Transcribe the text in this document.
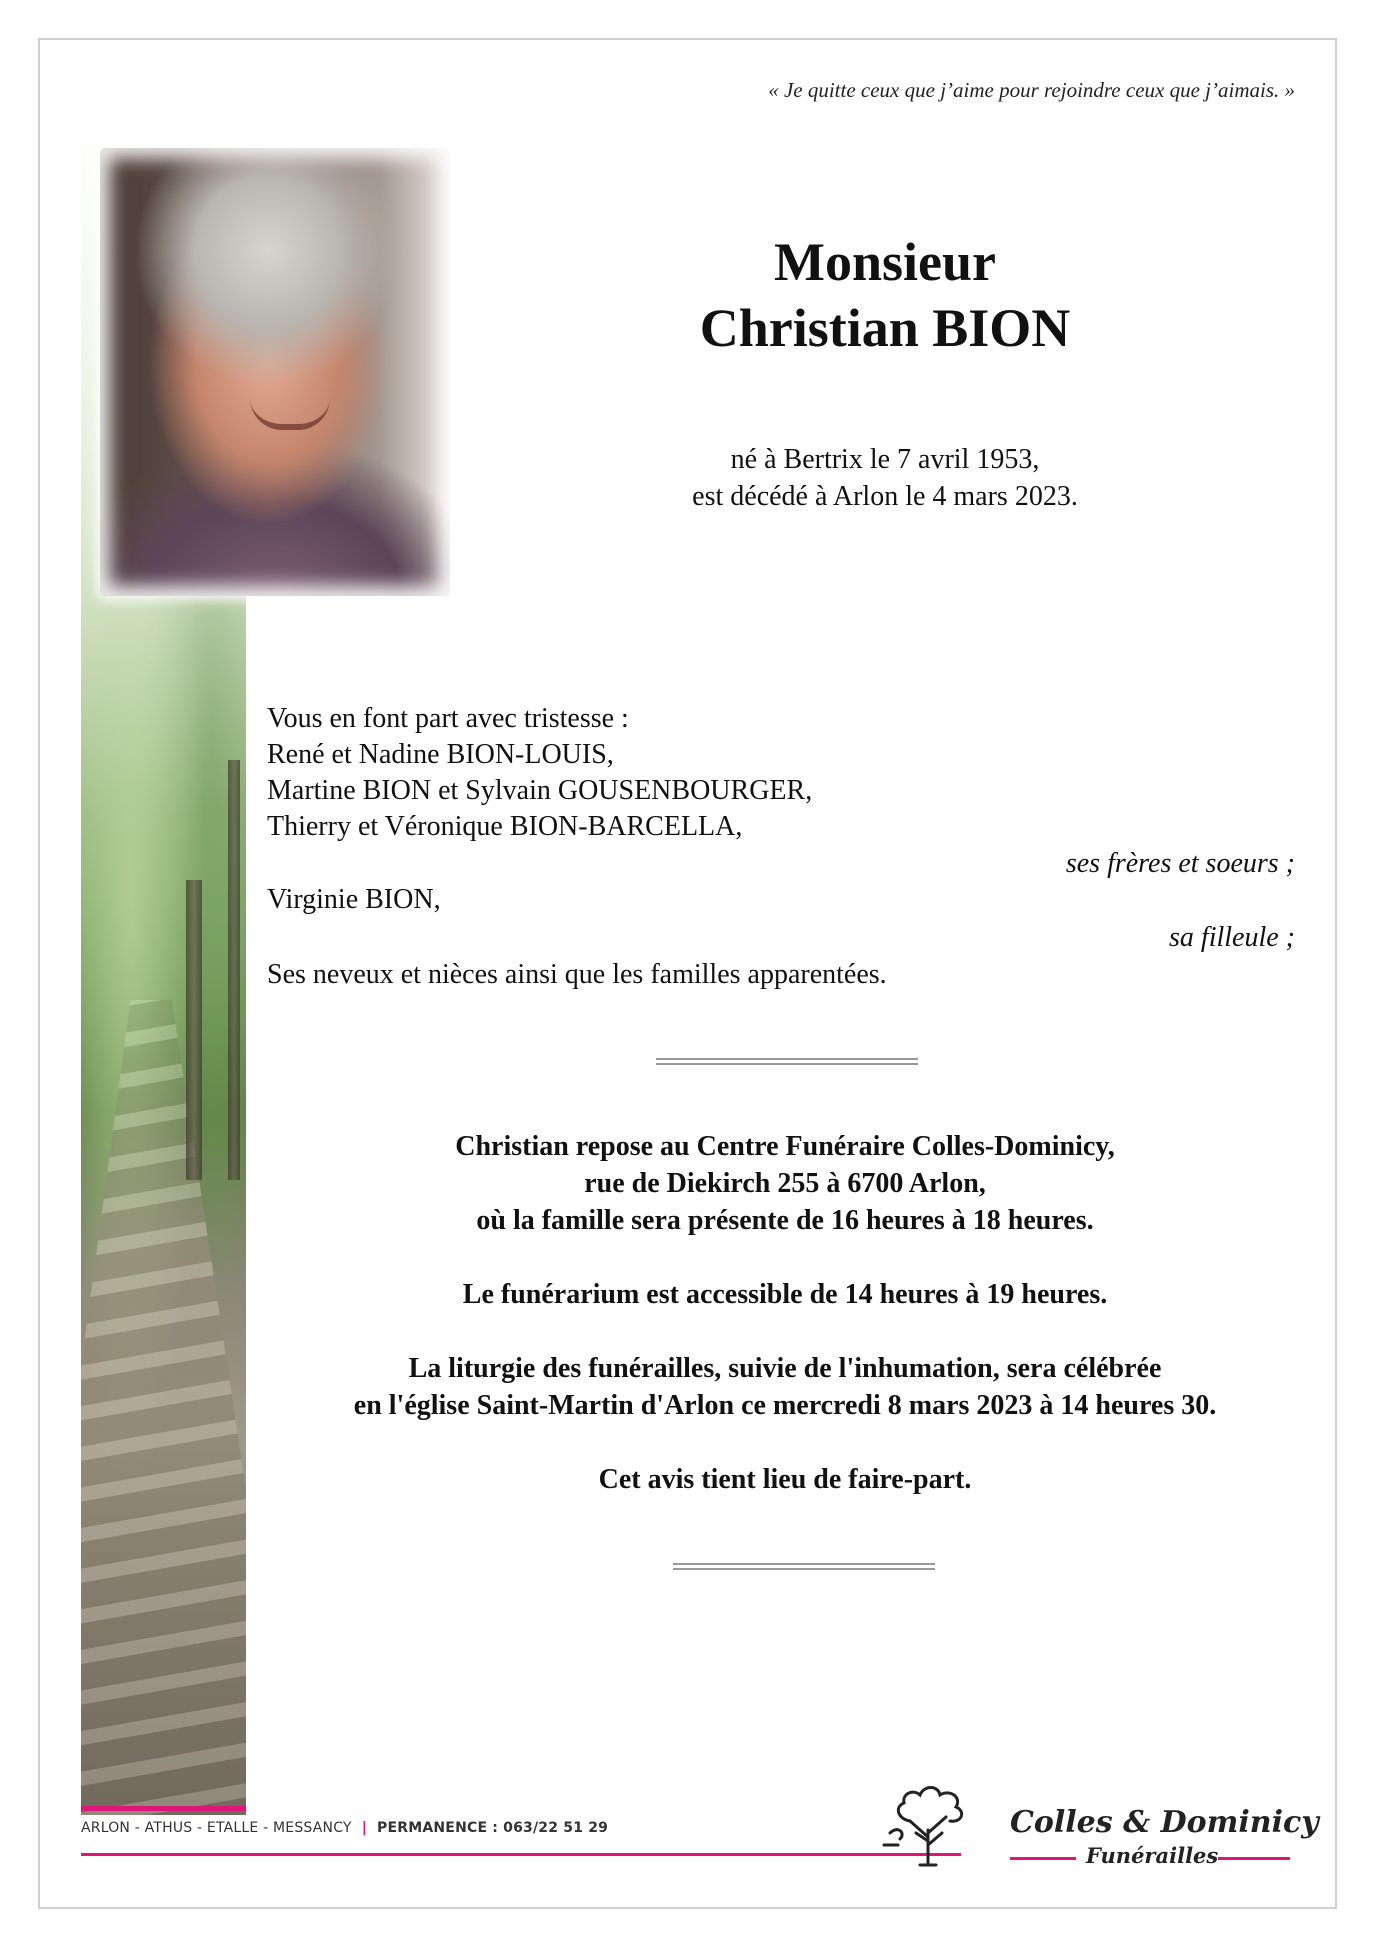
« Je quitte ceux que j’aime pour rejoindre ceux que j’aimais. »
Monsieur
Christian BION
né à Bertrix le 7 avril 1953,
est décédé à Arlon le 4 mars 2023.
Vous en font part avec tristesse :
René et Nadine BION-LOUIS,
Martine BION et Sylvain GOUSENBOURGER,
Thierry et Véronique BION-BARCELLA,
ses frères et soeurs ;
Virginie BION,
sa filleule ;
Ses neveux et nièces ainsi que les familles apparentées.
Christian repose au Centre Funéraire Colles-Dominicy,
rue de Diekirch 255 à 6700 Arlon,
où la famille sera présente de 16 heures à 18 heures.
Le funérarium est accessible de 14 heures à 19 heures.
La liturgie des funérailles, suivie de l'inhumation, sera célébrée
en l'église Saint-Martin d'Arlon ce mercredi 8 mars 2023 à 14 heures 30.
Cet avis tient lieu de faire-part.
ARLON - ATHUS - ETALLE - MESSANCY | PERMANENCE : 063/22 51 29	Colles & Dominicy
Funérailles
